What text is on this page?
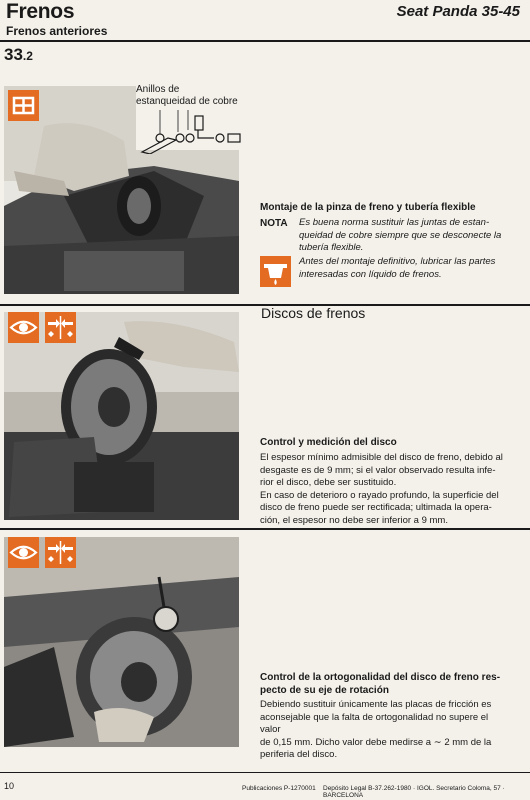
Frenos	Seat Panda 35-45
Frenos anteriores
33.2
Anillos de
estanqueidad de cobre
Montaje de la pinza de freno y tubería flexible
NOTA Es buena norma sustituir las juntas de estan-
queidad de cobre siempre que se desconecte la
tubería flexible.
Antes del montaje definitivo, lubricar las partes
interesadas con líquido de frenos.
Discos de frenos
Control y medición del disco
El espesor mínimo admisible del disco de freno, debido al
desgaste es de 9 mm; si el valor observado resulta infe-
rior el disco, debe ser sustituido.
En caso de deterioro o rayado profundo, la superficie del
disco de freno puede ser rectificada; ultimada la opera-
ción, el espesor no debe ser inferior a 9 mm.
Control de la ortogonalidad del disco de freno res-
pecto de su eje de rotación
Debiendo sustituir únicamente las placas de fricción es
aconsejable que la falta de ortogonalidad no supere el valor
de 0,15 mm. Dicho valor debe medirse a ∼ 2 mm de la
periferia del disco.
10	Publicaciones P-1270001 Depósito Legal B-37.262-1980 · IGOL. Secretario Coloma, 57 · BARCELONA
